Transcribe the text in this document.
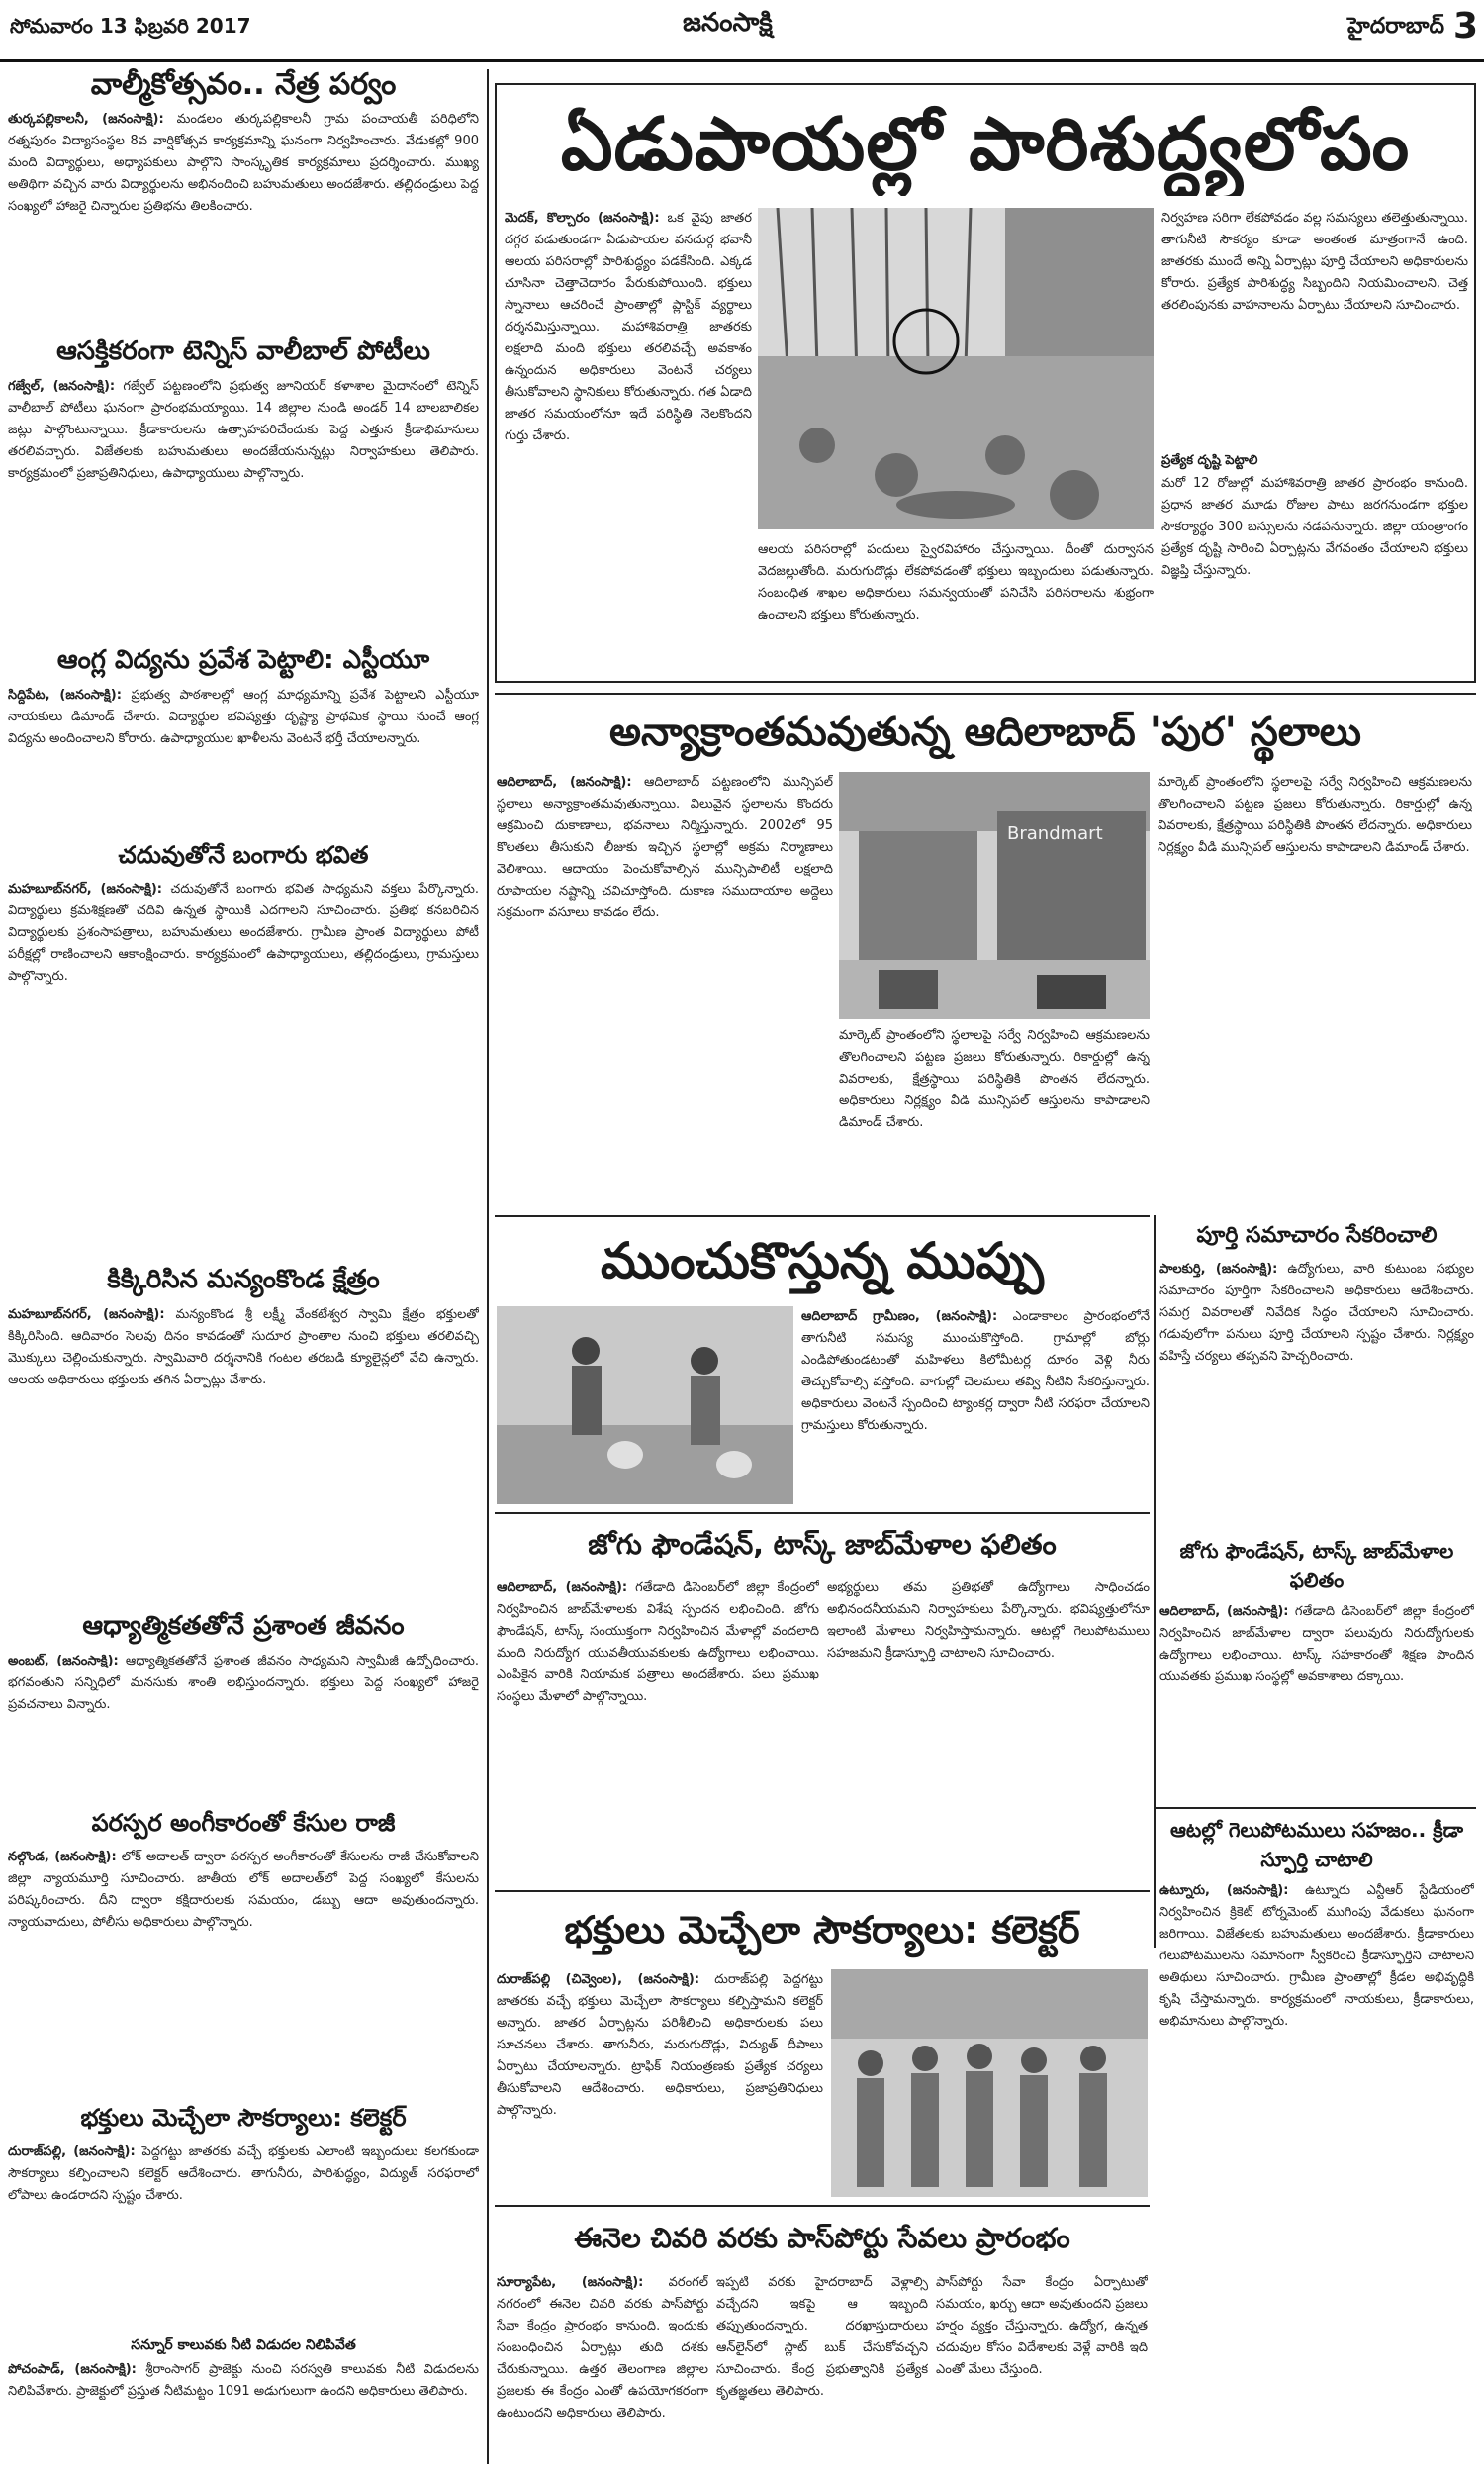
సోమవారం 13 ఫిబ్రవరి 2017	జనంసాక్షి	హైదరాబాద్ 3
వాల్మీకోత్సవం.. నేత్ర పర్వం
తుర్కపల్లికాలనీ, (జనంసాక్షి): మండలం తుర్కపల్లికాలనీ గ్రామ పంచాయతీ పరిధిలోని రత్నపురం విద్యాసంస్థల 8వ వార్షికోత్సవ కార్యక్రమాన్ని ఘనంగా నిర్వహించారు. వేడుకల్లో 900 మంది విద్యార్థులు, అధ్యాపకులు పాల్గొని సాంస్కృతిక కార్యక్రమాలు ప్రదర్శించారు. ముఖ్య అతిథిగా వచ్చిన వారు విద్యార్థులను అభినందించి బహుమతులు అందజేశారు. తల్లిదండ్రులు పెద్ద సంఖ్యలో హాజరై చిన్నారుల ప్రతిభను తిలకించారు.
ఆసక్తికరంగా టెన్నిస్ వాలీబాల్ పోటీలు
గజ్వేల్, (జనంసాక్షి): గజ్వేల్ పట్టణంలోని ప్రభుత్వ జూనియర్ కళాశాల మైదానంలో టెన్నిస్ వాలీబాల్ పోటీలు ఘనంగా ప్రారంభమయ్యాయి. 14 జిల్లాల నుండి అండర్ 14 బాలబాలికల జట్లు పాల్గొంటున్నాయి. క్రీడాకారులను ఉత్సాహపరిచేందుకు పెద్ద ఎత్తున క్రీడాభిమానులు తరలివచ్చారు. విజేతలకు బహుమతులు అందజేయనున్నట్లు నిర్వాహకులు తెలిపారు. కార్యక్రమంలో ప్రజాప్రతినిధులు, ఉపాధ్యాయులు పాల్గొన్నారు.
ఆంగ్ల విద్యను ప్రవేశ పెట్టాలి: ఎస్టీయూ
సిద్దిపేట, (జనంసాక్షి): ప్రభుత్వ పాఠశాలల్లో ఆంగ్ల మాధ్యమాన్ని ప్రవేశ పెట్టాలని ఎస్టీయూ నాయకులు డిమాండ్ చేశారు. విద్యార్థుల భవిష్యత్తు దృష్ట్యా ప్రాథమిక స్థాయి నుంచే ఆంగ్ల విద్యను అందించాలని కోరారు. ఉపాధ్యాయుల ఖాళీలను వెంటనే భర్తీ చేయాలన్నారు.
చదువుతోనే బంగారు భవిత
మహబూబ్‌నగర్, (జనంసాక్షి): చదువుతోనే బంగారు భవిత సాధ్యమని వక్తలు పేర్కొన్నారు. విద్యార్థులు క్రమశిక్షణతో చదివి ఉన్నత స్థాయికి ఎదగాలని సూచించారు. ప్రతిభ కనబరిచిన విద్యార్థులకు ప్రశంసాపత్రాలు, బహుమతులు అందజేశారు. గ్రామీణ ప్రాంత విద్యార్థులు పోటీ పరీక్షల్లో రాణించాలని ఆకాంక్షించారు. కార్యక్రమంలో ఉపాధ్యాయులు, తల్లిదండ్రులు, గ్రామస్తులు పాల్గొన్నారు.
కిక్కిరిసిన మన్యంకొండ క్షేత్రం
మహబూబ్‌నగర్, (జనంసాక్షి): మన్యంకొండ శ్రీ లక్ష్మీ వేంకటేశ్వర స్వామి క్షేత్రం భక్తులతో కిక్కిరిసింది. ఆదివారం సెలవు దినం కావడంతో సుదూర ప్రాంతాల నుంచి భక్తులు తరలివచ్చి మొక్కులు చెల్లించుకున్నారు. స్వామివారి దర్శనానికి గంటల తరబడి క్యూలైన్లలో వేచి ఉన్నారు. ఆలయ అధికారులు భక్తులకు తగిన ఏర్పాట్లు చేశారు.
ఆధ్యాత్మికతతోనే ప్రశాంత జీవనం
అంబట్, (జనంసాక్షి): ఆధ్యాత్మికతతోనే ప్రశాంత జీవనం సాధ్యమని స్వామీజీ ఉద్బోధించారు. భగవంతుని సన్నిధిలో మనసుకు శాంతి లభిస్తుందన్నారు. భక్తులు పెద్ద సంఖ్యలో హాజరై ప్రవచనాలు విన్నారు.
పరస్పర అంగీకారంతో కేసుల రాజీ
నల్గొండ, (జనంసాక్షి): లోక్ అదాలత్ ద్వారా పరస్పర అంగీకారంతో కేసులను రాజీ చేసుకోవాలని జిల్లా న్యాయమూర్తి సూచించారు. జాతీయ లోక్ అదాలత్‌లో పెద్ద సంఖ్యలో కేసులను పరిష్కరించారు. దీని ద్వారా కక్షిదారులకు సమయం, డబ్బు ఆదా అవుతుందన్నారు. న్యాయవాదులు, పోలీసు అధికారులు పాల్గొన్నారు.
భక్తులు మెచ్చేలా సౌకర్యాలు: కలెక్టర్
దురాజ్‌పల్లి, (జనంసాక్షి): పెద్దగట్టు జాతరకు వచ్చే భక్తులకు ఎలాంటి ఇబ్బందులు కలగకుండా సౌకర్యాలు కల్పించాలని కలెక్టర్ ఆదేశించారు. తాగునీరు, పారిశుద్ధ్యం, విద్యుత్ సరఫరాలో లోపాలు ఉండరాదని స్పష్టం చేశారు.
సన్నూర్ కాలువకు నీటి విడుదల నిలిపివేత
పోచంపాడ్, (జనంసాక్షి): శ్రీరాంసాగర్ ప్రాజెక్టు నుంచి సరస్వతి కాలువకు నీటి విడుదలను నిలిపివేశారు. ప్రాజెక్టులో ప్రస్తుత నీటిమట్టం 1091 అడుగులుగా ఉందని అధికారులు తెలిపారు.
ఏడుపాయల్లో పారిశుద్ధ్యలోపం
మెదక్, కొల్చారం (జనంసాక్షి): ఒక వైపు జాతర దగ్గర పడుతుండగా ఏడుపాయల వనదుర్గ భవానీ ఆలయ పరిసరాల్లో పారిశుద్ధ్యం పడకేసింది. ఎక్కడ చూసినా చెత్తాచెదారం పేరుకుపోయింది. భక్తులు స్నానాలు ఆచరించే ప్రాంతాల్లో ప్లాస్టిక్ వ్యర్థాలు దర్శనమిస్తున్నాయి. మహాశివరాత్రి జాతరకు లక్షలాది మంది భక్తులు తరలివచ్చే అవకాశం ఉన్నందున అధికారులు వెంటనే చర్యలు తీసుకోవాలని స్థానికులు కోరుతున్నారు. గత ఏడాది జాతర సమయంలోనూ ఇదే పరిస్థితి నెలకొందని గుర్తు చేశారు.
ఆలయ పరిసరాల్లో పందులు స్వైరవిహారం చేస్తున్నాయి. దీంతో దుర్వాసన వెదజల్లుతోంది. మరుగుదొడ్లు లేకపోవడంతో భక్తులు ఇబ్బందులు పడుతున్నారు. సంబంధిత శాఖల అధికారులు సమన్వయంతో పనిచేసి పరిసరాలను శుభ్రంగా ఉంచాలని భక్తులు కోరుతున్నారు.
నిర్వహణ సరిగా లేకపోవడం వల్ల సమస్యలు తలెత్తుతున్నాయి. తాగునీటి సౌకర్యం కూడా అంతంత మాత్రంగానే ఉంది. జాతరకు ముందే అన్ని ఏర్పాట్లు పూర్తి చేయాలని అధికారులను కోరారు. ప్రత్యేక పారిశుద్ధ్య సిబ్బందిని నియమించాలని, చెత్త తరలింపునకు వాహనాలను ఏర్పాటు చేయాలని సూచించారు.
ప్రత్యేక దృష్టి పెట్టాలి
మరో 12 రోజుల్లో మహాశివరాత్రి జాతర ప్రారంభం కానుంది. ప్రధాన జాతర మూడు రోజుల పాటు జరగనుండగా భక్తుల సౌకర్యార్థం 300 బస్సులను నడపనున్నారు. జిల్లా యంత్రాంగం ప్రత్యేక దృష్టి సారించి ఏర్పాట్లను వేగవంతం చేయాలని భక్తులు విజ్ఞప్తి చేస్తున్నారు.
అన్యాక్రాంతమవుతున్న ఆదిలాబాద్ 'పుర' స్థలాలు
ఆదిలాబాద్, (జనంసాక్షి): ఆదిలాబాద్ పట్టణంలోని మున్సిపల్ స్థలాలు అన్యాక్రాంతమవుతున్నాయి. విలువైన స్థలాలను కొందరు ఆక్రమించి దుకాణాలు, భవనాలు నిర్మిస్తున్నారు. 2002లో 95 కొలతలు తీసుకుని లీజుకు ఇచ్చిన స్థలాల్లో అక్రమ నిర్మాణాలు వెలిశాయి. ఆదాయం పెంచుకోవాల్సిన మున్సిపాలిటీ లక్షలాది రూపాయల నష్టాన్ని చవిచూస్తోంది. దుకాణ సముదాయాల అద్దెలు సక్రమంగా వసూలు కావడం లేదు.
Brandmart
మార్కెట్ ప్రాంతంలోని స్థలాలపై సర్వే నిర్వహించి ఆక్రమణలను తొలగించాలని పట్టణ ప్రజలు కోరుతున్నారు. రికార్డుల్లో ఉన్న వివరాలకు, క్షేత్రస్థాయి పరిస్థితికి పొంతన లేదన్నారు. అధికారులు నిర్లక్ష్యం వీడి మున్సిపల్ ఆస్తులను కాపాడాలని డిమాండ్ చేశారు.
మార్కెట్ ప్రాంతంలోని స్థలాలపై సర్వే నిర్వహించి ఆక్రమణలను తొలగించాలని పట్టణ ప్రజలు కోరుతున్నారు. రికార్డుల్లో ఉన్న వివరాలకు, క్షేత్రస్థాయి పరిస్థితికి పొంతన లేదన్నారు. అధికారులు నిర్లక్ష్యం వీడి మున్సిపల్ ఆస్తులను కాపాడాలని డిమాండ్ చేశారు.
ముంచుకొస్తున్న ముప్పు
ఆదిలాబాద్ గ్రామీణం, (జనంసాక్షి): ఎండాకాలం ప్రారంభంలోనే తాగునీటి సమస్య ముంచుకొస్తోంది. గ్రామాల్లో బోర్లు ఎండిపోతుండటంతో మహిళలు కిలోమీటర్ల దూరం వెళ్లి నీరు తెచ్చుకోవాల్సి వస్తోంది. వాగుల్లో చెలమలు తవ్వి నీటిని సేకరిస్తున్నారు. అధికారులు వెంటనే స్పందించి ట్యాంకర్ల ద్వారా నీటి సరఫరా చేయాలని గ్రామస్తులు కోరుతున్నారు.
పూర్తి సమాచారం సేకరించాలి
పాలకుర్తి, (జనంసాక్షి): ఉద్యోగులు, వారి కుటుంబ సభ్యుల సమాచారం పూర్తిగా సేకరించాలని అధికారులు ఆదేశించారు. సమగ్ర వివరాలతో నివేదిక సిద్ధం చేయాలని సూచించారు. గడువులోగా పనులు పూర్తి చేయాలని స్పష్టం చేశారు. నిర్లక్ష్యం వహిస్తే చర్యలు తప్పవని హెచ్చరించారు.
జోగు ఫౌండేషన్, టాస్క్ జాబ్‌మేళాల ఫలితం
ఆదిలాబాద్, (జనంసాక్షి): గతేడాది డిసెంబర్‌లో జిల్లా కేంద్రంలో నిర్వహించిన జాబ్‌మేళాల ద్వారా పలువురు నిరుద్యోగులకు ఉద్యోగాలు లభించాయి. టాస్క్ సహకారంతో శిక్షణ పొందిన యువతకు ప్రముఖ సంస్థల్లో అవకాశాలు దక్కాయి.
జోగు ఫౌండేషన్, టాస్క్ జాబ్‌మేళాల ఫలితం
ఆదిలాబాద్, (జనంసాక్షి): గతేడాది డిసెంబర్‌లో జిల్లా కేంద్రంలో నిర్వహించిన జాబ్‌మేళాలకు విశేష స్పందన లభించింది. జోగు ఫౌండేషన్, టాస్క్ సంయుక్తంగా నిర్వహించిన మేళాల్లో వందలాది మంది నిరుద్యోగ యువతీయువకులకు ఉద్యోగాలు లభించాయి. ఎంపికైన వారికి నియామక పత్రాలు అందజేశారు. పలు ప్రముఖ సంస్థలు మేళాలో పాల్గొన్నాయి.
అభ్యర్థులు తమ ప్రతిభతో ఉద్యోగాలు సాధించడం అభినందనీయమని నిర్వాహకులు పేర్కొన్నారు. భవిష్యత్తులోనూ ఇలాంటి మేళాలు నిర్వహిస్తామన్నారు. ఆటల్లో గెలుపోటములు సహజమని క్రీడాస్ఫూర్తి చాటాలని సూచించారు.
ఆటల్లో గెలుపోటములు సహజం.. క్రీడా స్ఫూర్తి చాటాలి
ఉట్నూరు, (జనంసాక్షి): ఉట్నూరు ఎన్టీఆర్ స్టేడియంలో నిర్వహించిన క్రికెట్ టోర్నమెంట్ ముగింపు వేడుకలు ఘనంగా జరిగాయి. విజేతలకు బహుమతులు అందజేశారు. క్రీడాకారులు గెలుపోటములను సమానంగా స్వీకరించి క్రీడాస్ఫూర్తిని చాటాలని అతిథులు సూచించారు. గ్రామీణ ప్రాంతాల్లో క్రీడల అభివృద్ధికి కృషి చేస్తామన్నారు. కార్యక్రమంలో నాయకులు, క్రీడాకారులు, అభిమానులు పాల్గొన్నారు.
భక్తులు మెచ్చేలా సౌకర్యాలు: కలెక్టర్
దురాజ్‌పల్లి (చివ్వెంల), (జనంసాక్షి): దురాజ్‌పల్లి పెద్దగట్టు జాతరకు వచ్చే భక్తులు మెచ్చేలా సౌకర్యాలు కల్పిస్తామని కలెక్టర్ అన్నారు. జాతర ఏర్పాట్లను పరిశీలించి అధికారులకు పలు సూచనలు చేశారు. తాగునీరు, మరుగుదొడ్లు, విద్యుత్ దీపాలు ఏర్పాటు చేయాలన్నారు. ట్రాఫిక్ నియంత్రణకు ప్రత్యేక చర్యలు తీసుకోవాలని ఆదేశించారు. అధికారులు, ప్రజాప్రతినిధులు పాల్గొన్నారు.
ఈనెల చివరి వరకు పాస్‌పోర్టు సేవలు ప్రారంభం
సూర్యాపేట, (జనంసాక్షి): వరంగల్ నగరంలో ఈనెల చివరి వరకు పాస్‌పోర్టు సేవా కేంద్రం ప్రారంభం కానుంది. ఇందుకు సంబంధించిన ఏర్పాట్లు తుది దశకు చేరుకున్నాయి. ఉత్తర తెలంగాణ జిల్లాల ప్రజలకు ఈ కేంద్రం ఎంతో ఉపయోగకరంగా ఉంటుందని అధికారులు తెలిపారు.
ఇప్పటి వరకు హైదరాబాద్ వెళ్లాల్సి వచ్చేదని ఇకపై ఆ ఇబ్బంది తప్పుతుందన్నారు. దరఖాస్తుదారులు ఆన్‌లైన్‌లో స్లాట్ బుక్ చేసుకోవచ్చని సూచించారు. కేంద్ర ప్రభుత్వానికి ప్రత్యేక కృతజ్ఞతలు తెలిపారు.
పాస్‌పోర్టు సేవా కేంద్రం ఏర్పాటుతో సమయం, ఖర్చు ఆదా అవుతుందని ప్రజలు హర్షం వ్యక్తం చేస్తున్నారు. ఉద్యోగ, ఉన్నత చదువుల కోసం విదేశాలకు వెళ్లే వారికి ఇది ఎంతో మేలు చేస్తుంది.
